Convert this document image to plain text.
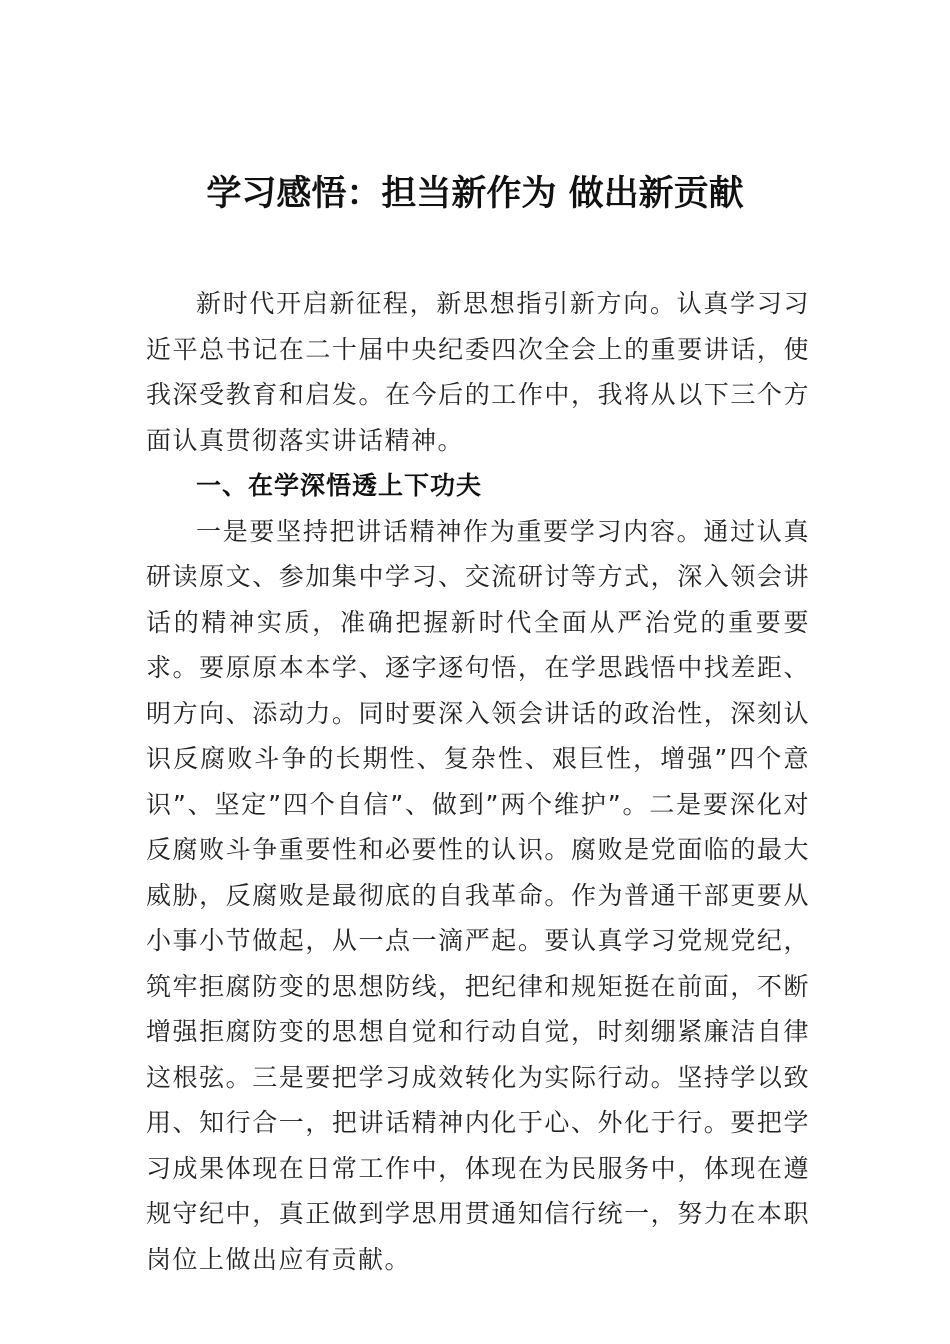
学习感悟：担当新作为 做出新贡献

新时代开启新征程，新思想指引新方向。认真学习习近平总书记在二十届中央纪委四次全会上的重要讲话，使我深受教育和启发。在今后的工作中，我将从以下三个方面认真贯彻落实讲话精神。

一、在学深悟透上下功夫

一是要坚持把讲话精神作为重要学习内容。通过认真研读原文、参加集中学习、交流研讨等方式，深入领会讲话的精神实质，准确把握新时代全面从严治党的重要要求。要原原本本学、逐字逐句悟，在学思践悟中找差距、明方向、添动力。同时要深入领会讲话的政治性，深刻认识反腐败斗争的长期性、复杂性、艰巨性，增强”四个意识”、坚定”四个自信”、做到”两个维护”。二是要深化对反腐败斗争重要性和必要性的认识。腐败是党面临的最大威胁，反腐败是最彻底的自我革命。作为普通干部更要从小事小节做起，从一点一滴严起。要认真学习党规党纪，筑牢拒腐防变的思想防线，把纪律和规矩挺在前面，不断增强拒腐防变的思想自觉和行动自觉，时刻绷紧廉洁自律这根弦。三是要把学习成效转化为实际行动。坚持学以致用、知行合一，把讲话精神内化于心、外化于行。要把学习成果体现在日常工作中，体现在为民服务中，体现在遵规守纪中，真正做到学思用贯通知信行统一，努力在本职岗位上做出应有贡献。
